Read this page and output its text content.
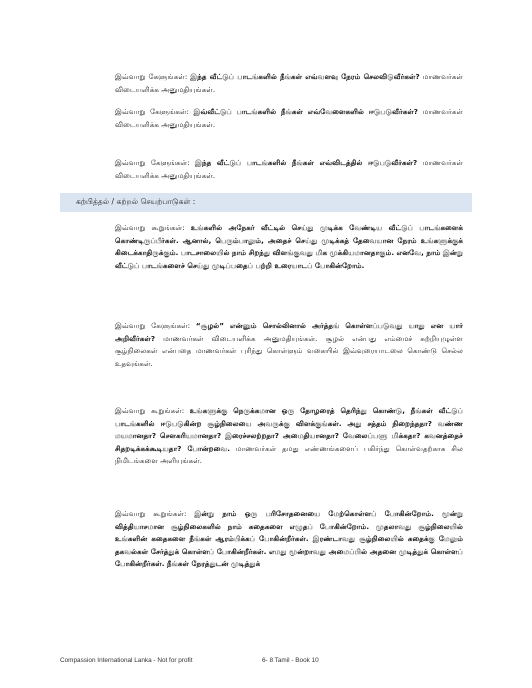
இவ்வாறு கேளுங்கள்: இந்த வீட்டுப் பாடங்களில் நீங்கள் எவ்வளவு நேரம் செலவிடுவீர்கள்? மாணவர்கள் விடையளிக்க அனுமதியுங்கள்.

இவ்வாறு கேளுங்கள்: இவ்வீட்டுப் பாடங்களில் நீங்கள் எவ்வேளைகளில் ஈடுபடுவீர்கள்? மாணவர்கள் விடையளிக்க அனுமதியுங்கள்.

இவ்வாறு கேளுங்கள்: இந்த வீட்டுப் பாடங்களில் நீங்கள் எவ்விடத்தில் ஈடுபடுவீர்கள்? மாணவர்கள் விடையளிக்க அனுமதியுங்கள்.

கற்பித்தல் / கற்றல் செயற்பாடுகள் :

இவ்வாறு கூறுங்கள்: உங்களில் அநேகர் வீட்டில் செய்து முடிக்க வேண்டிய வீட்டுப் பாடங்களைக் கொண்டிருப்பீர்கள். ஆனால், பெரும்பாலும், அதைச் செய்து முடிக்கத் தேவையான நேரம் உங்களுக்குக் கிடைக்காதிருக்கும். பாடசாலையில் நாம் சிறந்து விளங்குவது மிக முக்கியமானதாகும். எனவே, நாம் இன்று வீட்டுப் பாடங்களைச் செய்து முடிப்பதைப் பற்றி உரையாடப் போகின்றோம்.

இவ்வாறு கேளுங்கள்: “சூழல்” என்னும் சொல்லினால் அர்த்தங் கொள்ளப்படுவது யாது என யார் அறிவீர்கள்? மாணவர்கள் விடையளிக்க அனுமதியுங்கள். சூழல் என்பது எம்மைச் சுற்றியுழுள்ள சூழ்நிலைகள் என்பதை மாணவர்கள் புரிந்து கொள்ளும் வகையில் இவ்வுரையாடலை கொண்டு செல்ல உதவுங்கள்.

இவ்வாறு கூறுங்கள்: உங்களுக்கு நெருக்கமான ஒரு தோழரைத் தெரிந்து கொண்டு, நீங்கள் வீட்டுப் பாடங்களில் ஈடுபடுகின்ற சூழ்நிலையை அவருக்கு விளக்குங்கள். அது சத்தம் நிறைந்ததா? வண்ண மயமானதா? சௌகரியமானதா? இரைச்சலற்றதா? அமைதியானதா? வேலைப்பளு மிக்கதா? கவனத்தைச் சிதறடிக்கக்கூடியதா? போன்றவை. மாணவர்கள் தமது எண்ணங்களைப் பகிர்ந்து கொள்வதற்காக சில நிமிடங்களை அளியுங்கள்.

இவ்வாறு கூறுங்கள்: இன்று நாம் ஒரு பரிசோதனையை மேற்கொள்ளப் போகின்றோம். மூன்று வித்தியாசமான சூழ்நிலைகளில் நாம் கதைகளை எழுதப் போகின்றோம். முதலாவது சூழ்நிலையில் உங்களின் கதைகளை நீங்கள் ஆரம்பிக்கப் போகின்றீர்கள். இரண்டாவது சூழ்நிலையில் கதைக்கு மேலும் தகவல்கள் சேர்த்துக் கொள்ளப் போகின்றீர்கள். எமது மூன்றாவது அமைப்பில் அதனை முடித்துக் கொள்ளப் போகின்றீர்கள். நீங்கள் நேரத்துடன் முடித்துக்

Compassion International Lanka - Not for profit	6- 8 Tamil - Book 10
